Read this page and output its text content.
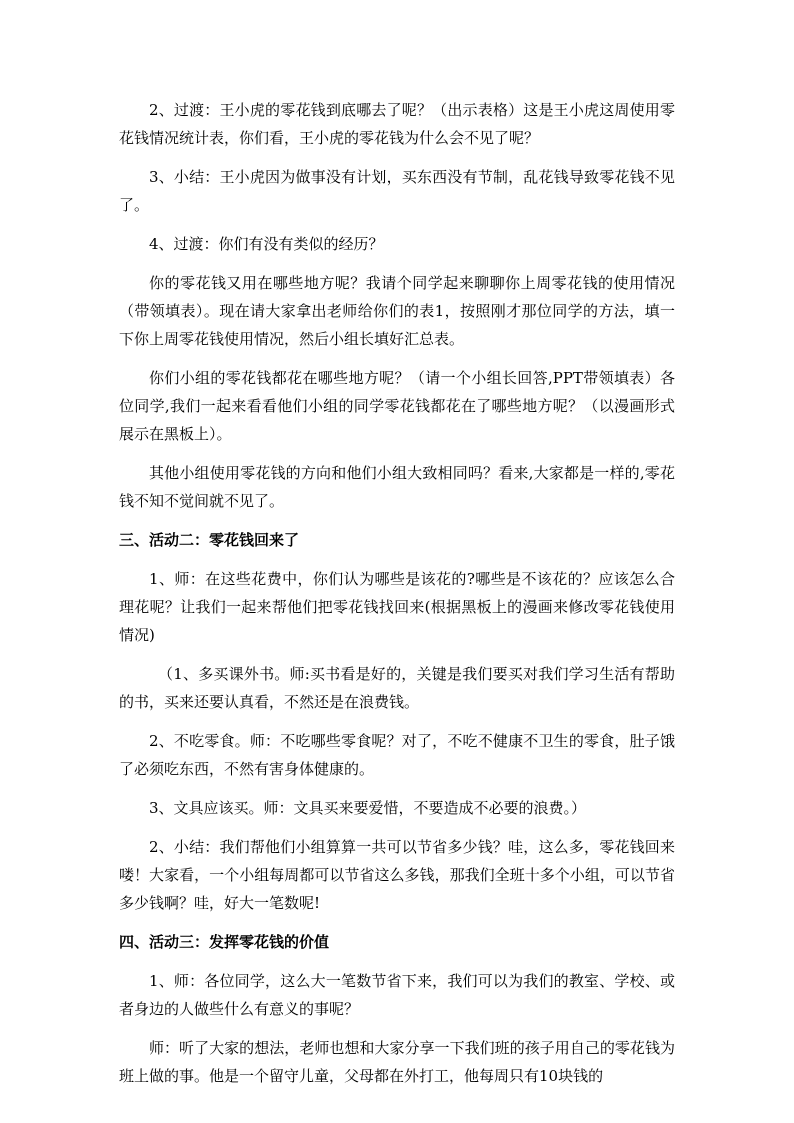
2、过渡：王小虎的零花钱到底哪去了呢？（出示表格）这是王小虎这周使用零花钱情况统计表，你们看，王小虎的零花钱为什么会不见了呢？

3、小结：王小虎因为做事没有计划，买东西没有节制，乱花钱导致零花钱不见了。

4、过渡：你们有没有类似的经历？

你的零花钱又用在哪些地方呢？我请个同学起来聊聊你上周零花钱的使用情况（带领填表）。现在请大家拿出老师给你们的表1，按照刚才那位同学的方法，填一下你上周零花钱使用情况，然后小组长填好汇总表。

你们小组的零花钱都花在哪些地方呢？（请一个小组长回答,PPT带领填表）各位同学,我们一起来看看他们小组的同学零花钱都花在了哪些地方呢？（以漫画形式展示在黑板上）。

其他小组使用零花钱的方向和他们小组大致相同吗？看来,大家都是一样的,零花钱不知不觉间就不见了。

三、活动二：零花钱回来了

1、师：在这些花费中，你们认为哪些是该花的?哪些是不该花的？应该怎么合理花呢？让我们一起来帮他们把零花钱找回来(根据黑板上的漫画来修改零花钱使用情况)

（1、多买课外书。师:买书看是好的，关键是我们要买对我们学习生活有帮助的书，买来还要认真看，不然还是在浪费钱。

2、不吃零食。师：不吃哪些零食呢？对了，不吃不健康不卫生的零食，肚子饿了必须吃东西，不然有害身体健康的。

3、文具应该买。师：文具买来要爱惜，不要造成不必要的浪费。）

2、小结：我们帮他们小组算算一共可以节省多少钱？哇，这么多，零花钱回来喽！大家看，一个小组每周都可以节省这么多钱，那我们全班十多个小组，可以节省多少钱啊？哇，好大一笔数呢!

四、活动三：发挥零花钱的价值

1、师：各位同学，这么大一笔数节省下来，我们可以为我们的教室、学校、或者身边的人做些什么有意义的事呢？

师：听了大家的想法，老师也想和大家分享一下我们班的孩子用自己的零花钱为班上做的事。他是一个留守儿童，父母都在外打工，他每周只有10块钱的
